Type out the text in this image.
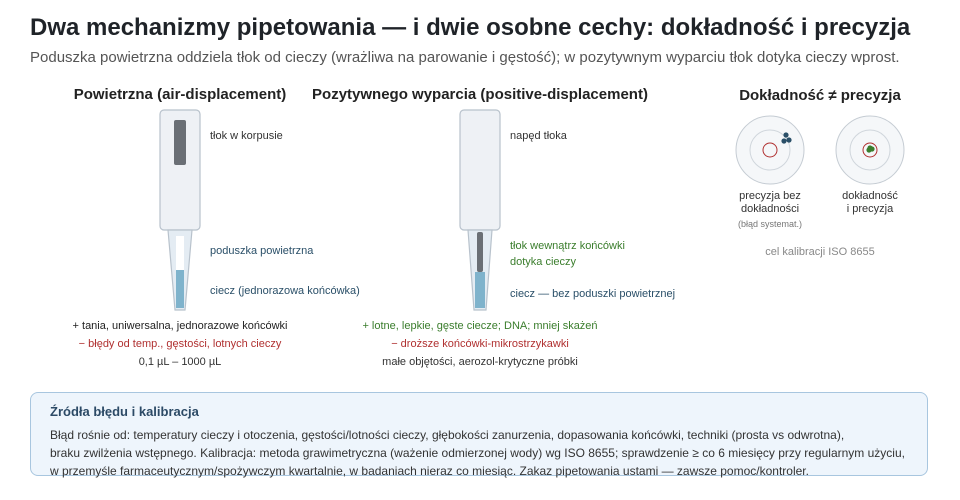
Dwa mechanizmy pipetowania — i dwie osobne cechy: dokładność i precyzja
Poduszka powietrzna oddziela tłok od cieczy (wrażliwa na parowanie i gęstość); w pozytywnym wyparciu tłok dotyka cieczy wprost.
Powietrzna (air-displacement)
tłok w korpusie
poduszka powietrzna
ciecz (jednorazowa końcówka)
+ tania, uniwersalna, jednorazowe końcówki
− błędy od temp., gęstości, lotnych cieczy
0,1 µL – 1000 µL
Pozytywnego wyparcia (positive-displacement)
napęd tłoka
tłok wewnątrz końcówki
dotyka cieczy
ciecz — bez poduszki powietrznej
+ lotne, lepkie, gęste ciecze; DNA; mniej skażeń
− droższe końcówki-mikrostrzykawki
małe objętości, aerozol-krytyczne próbki
Dokładność ≠ precyzja
precyzja bez
dokładności
(błąd systemat.)
dokładność
i precyzja
cel kalibracji ISO 8655
Źródła błędu i kalibracja
Błąd rośnie od: temperatury cieczy i otoczenia, gęstości/lotności cieczy, głębokości zanurzenia, dopasowania końcówki, techniki (prosta vs odwrotna),
braku zwilżenia wstępnego. Kalibracja: metoda grawimetryczna (ważenie odmierzonej wody) wg ISO 8655; sprawdzenie ≥ co 6 miesięcy przy regularnym użyciu,
w przemyśle farmaceutycznym/spożywczym kwartalnie, w badaniach nieraz co miesiąc. Zakaz pipetowania ustami — zawsze pomoc/kontroler.
